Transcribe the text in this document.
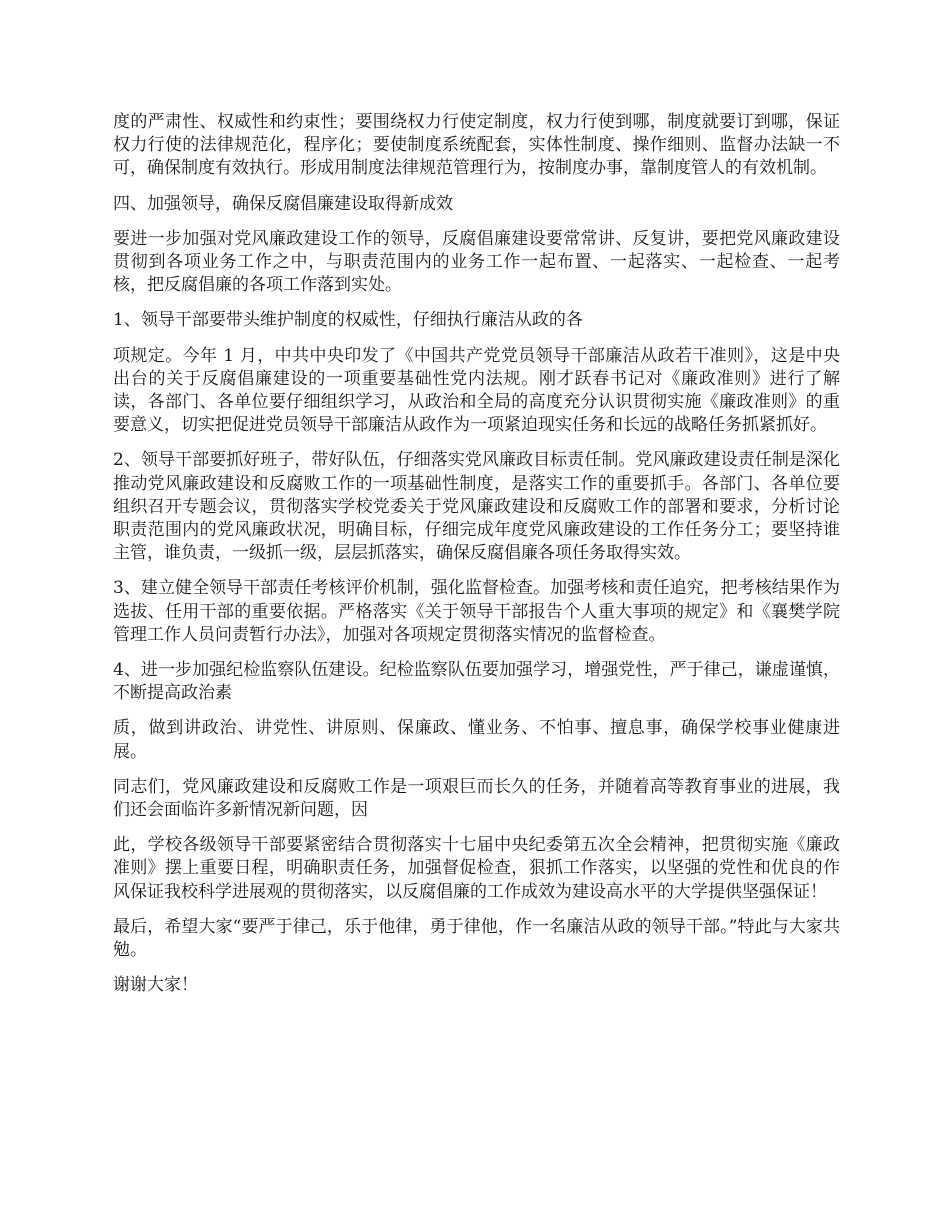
度的严肃性、权威性和约束性；要围绕权力行使定制度，权力行使到哪，制度就要订到哪，保证权力行使的法律规范化，程序化；要使制度系统配套，实体性制度、操作细则、监督办法缺一不可，确保制度有效执行。形成用制度法律规范管理行为，按制度办事，靠制度管人的有效机制。

四、加强领导，确保反腐倡廉建设取得新成效

要进一步加强对党风廉政建设工作的领导，反腐倡廉建设要常常讲、反复讲，要把党风廉政建设贯彻到各项业务工作之中，与职责范围内的业务工作一起布置、一起落实、一起检查、一起考核，把反腐倡廉的各项工作落到实处。

1、领导干部要带头维护制度的权威性，仔细执行廉洁从政的各

项规定。今年 1 月，中共中央印发了《中国共产党党员领导干部廉洁从政若干准则》，这是中央出台的关于反腐倡廉建设的一项重要基础性党内法规。刚才跃春书记对《廉政准则》进行了解读，各部门、各单位要仔细组织学习，从政治和全局的高度充分认识贯彻实施《廉政准则》的重要意义，切实把促进党员领导干部廉洁从政作为一项紧迫现实任务和长远的战略任务抓紧抓好。

2、领导干部要抓好班子，带好队伍，仔细落实党风廉政目标责任制。党风廉政建设责任制是深化推动党风廉政建设和反腐败工作的一项基础性制度，是落实工作的重要抓手。各部门、各单位要组织召开专题会议，贯彻落实学校党委关于党风廉政建设和反腐败工作的部署和要求，分析讨论职责范围内的党风廉政状况，明确目标，仔细完成年度党风廉政建设的工作任务分工；要坚持谁主管，谁负责，一级抓一级，层层抓落实，确保反腐倡廉各项任务取得实效。

3、建立健全领导干部责任考核评价机制，强化监督检查。加强考核和责任追究，把考核结果作为选拔、任用干部的重要依据。严格落实《关于领导干部报告个人重大事项的规定》和《襄樊学院管理工作人员问责暂行办法》，加强对各项规定贯彻落实情况的监督检查。

4、进一步加强纪检监察队伍建设。纪检监察队伍要加强学习，增强党性，严于律己，谦虚谨慎，不断提高政治素

质，做到讲政治、讲党性、讲原则、保廉政、懂业务、不怕事、擅息事，确保学校事业健康进展。

同志们，党风廉政建设和反腐败工作是一项艰巨而长久的任务，并随着高等教育事业的进展，我们还会面临许多新情况新问题，因

此，学校各级领导干部要紧密结合贯彻落实十七届中央纪委第五次全会精神，把贯彻实施《廉政准则》摆上重要日程，明确职责任务，加强督促检查，狠抓工作落实，以坚强的党性和优良的作风保证我校科学进展观的贯彻落实，以反腐倡廉的工作成效为建设高水平的大学提供坚强保证！

最后，希望大家“要严于律己，乐于他律，勇于律他，作一名廉洁从政的领导干部。”特此与大家共勉。

谢谢大家！
